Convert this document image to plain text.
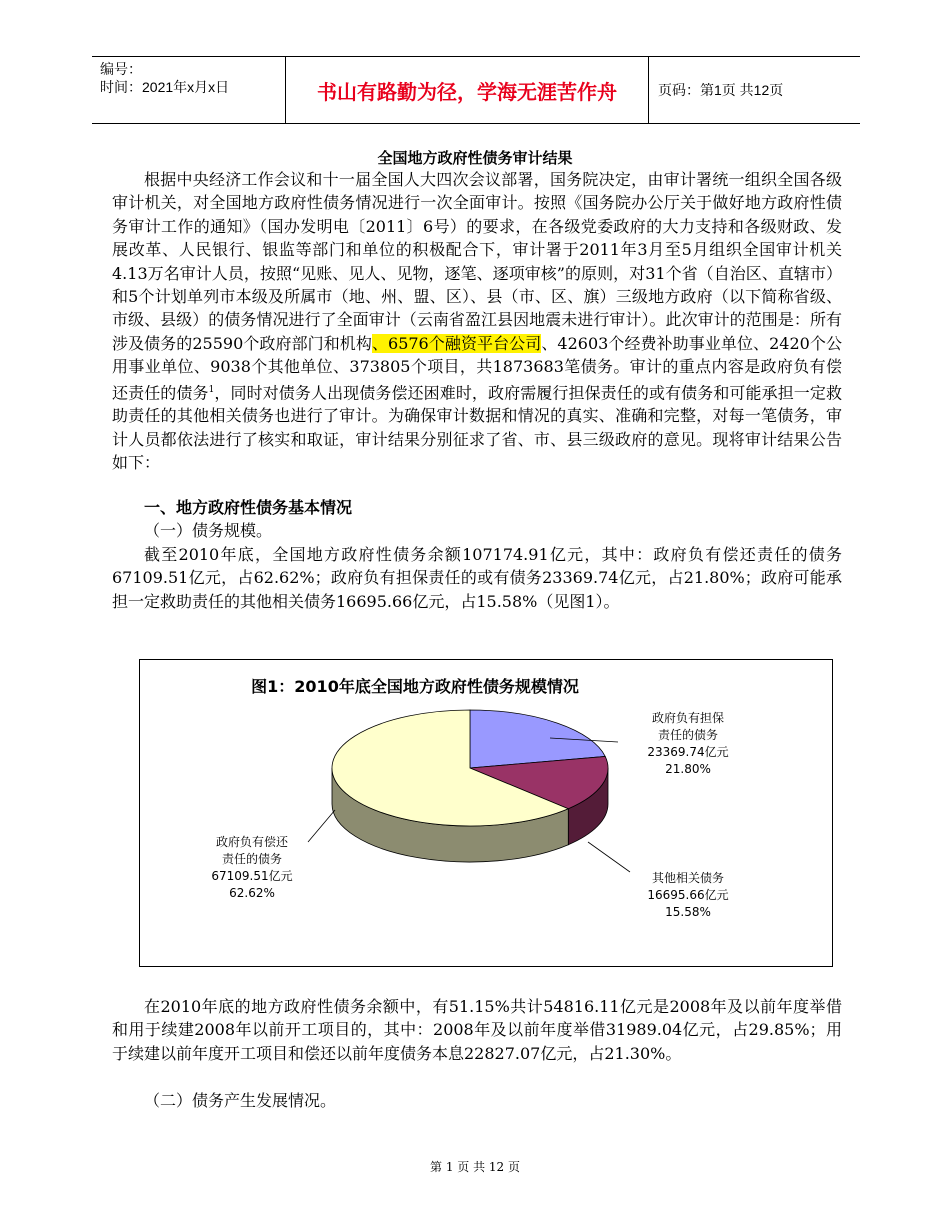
编号：
时间：2021年x月x日	书山有路勤为径，学海无涯苦作舟	页码：第1页 共12页
全国地方政府性债务审计结果

根据中央经济工作会议和十一届全国人大四次会议部署，国务院决定，由审计署统一组织全国各级审计机关，对全国地方政府性债务情况进行一次全面审计。按照《国务院办公厅关于做好地方政府性债务审计工作的通知》（国办发明电〔2011〕6号）的要求，在各级党委政府的大力支持和各级财政、发展改革、人民银行、银监等部门和单位的积极配合下，审计署于2011年3月至5月组织全国审计机关4.13万名审计人员，按照“见账、见人、见物，逐笔、逐项审核”的原则，对31个省（自治区、直辖市）和5个计划单列市本级及所属市（地、州、盟、区）、县（市、区、旗）三级地方政府（以下简称省级、市级、县级）的债务情况进行了全面审计（云南省盈江县因地震未进行审计）。此次审计的范围是：所有涉及债务的25590个政府部门和机构、6576个融资平台公司、42603个经费补助事业单位、2420个公用事业单位、9038个其他单位、373805个项目，共1873683笔债务。审计的重点内容是政府负有偿还责任的债务$^1$，同时对债务人出现债务偿还困难时，政府需履行担保责任的或有债务和可能承担一定救助责任的其他相关债务也进行了审计。为确保审计数据和情况的真实、准确和完整，对每一笔债务，审计人员都依法进行了核实和取证，审计结果分别征求了省、市、县三级政府的意见。现将审计结果公告如下：

一、地方政府性债务基本情况

（一）债务规模。

截至2010年底，全国地方政府性债务余额107174.91亿元，其中：政府负有偿还责任的债务67109.51亿元，占62.62%；政府负有担保责任的或有债务23369.74亿元，占21.80%；政府可能承担一定救助责任的其他相关债务16695.66亿元，占15.58%（见图1）。

图1：2010年底全国地方政府性债务规模情况
政府负有担保
责任的债务
23369.74亿元
21.80%
其他相关债务
16695.66亿元
15.58%
政府负有偿还
责任的债务
67109.51亿元
62.62%

在2010年底的地方政府性债务余额中，有51.15%共计54816.11亿元是2008年及以前年度举借和用于续建2008年以前开工项目的，其中：2008年及以前年度举借31989.04亿元，占29.85%；用于续建以前年度开工项目和偿还以前年度债务本息22827.07亿元，占21.30%。

（二）债务产生发展情况。

第 1 页 共 12 页
